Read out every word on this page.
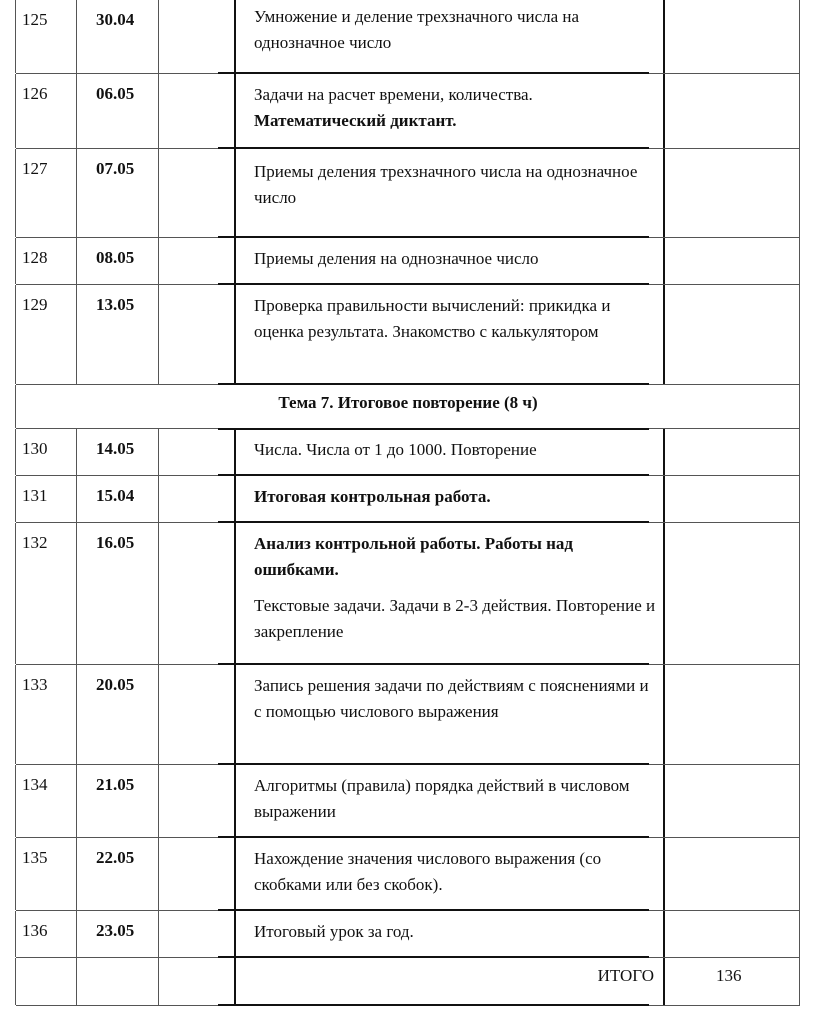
125	30.04	Умножение и деление трехзначного числа на однозначное число

126	06.05	Задачи на расчет времени, количества.

Математический диктант.

127	07.05	Приемы деления трехзначного числа на однозначное число

128	08.05	Приемы деления на однозначное число

129	13.05	Проверка правильности вычислений: прикидка и оценка результата. Знакомство с калькулятором

Тема 7. Итоговое повторение (8 ч)
130	14.05	Числа. Числа от 1 до 1000. Повторение

131	15.04	Итоговая контрольная работа.

132	16.05	Анализ контрольной работы. Работы над ошибками.

Текстовые задачи. Задачи в 2-3 действия. Повторение и закрепление

133	20.05	Запись решения задачи по действиям с пояснениями и с помощью числового выражения

134	21.05	Алгоритмы (правила) порядка действий в числовом выражении

135	22.05	Нахождение значения числового выражения (со скобками или без скобок).

136	23.05	Итоговый урок за год.

ИТОГО	136
